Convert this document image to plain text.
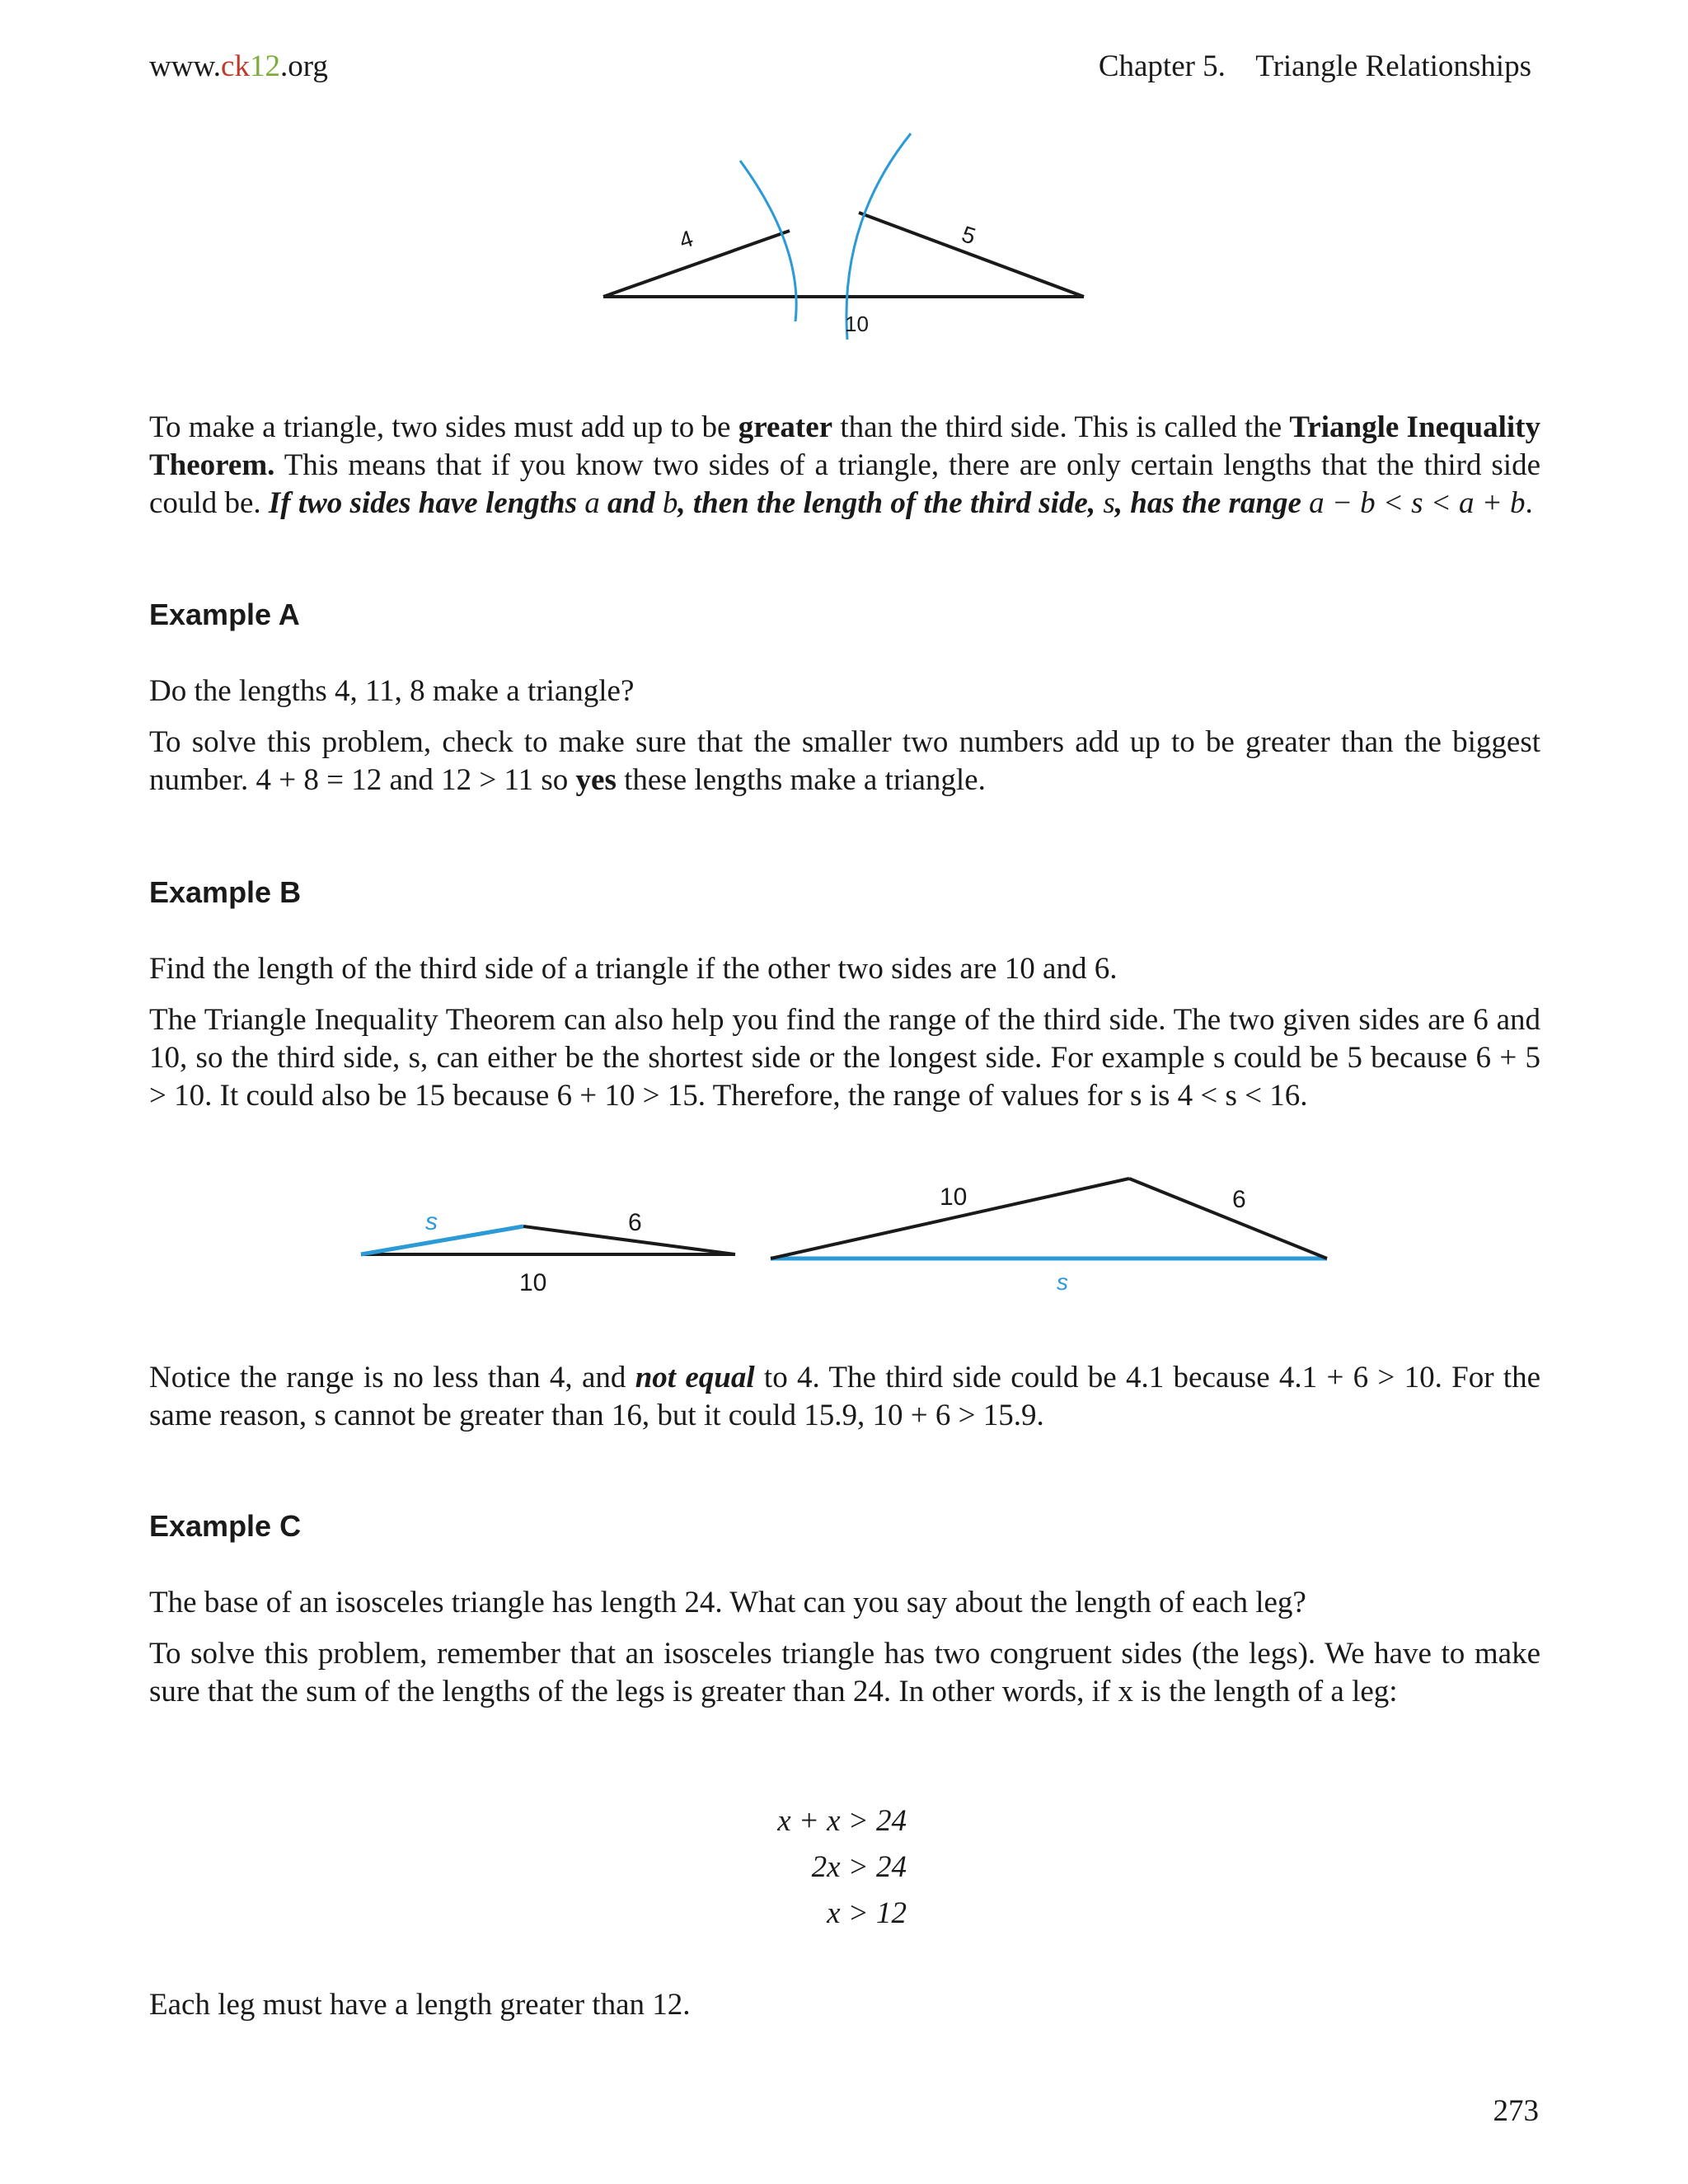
www.ck12.org	Chapter 5.    Triangle Relationships
4	5
10

To make a triangle, two sides must add up to be greater than the third side. This is called the Triangle Inequality Theorem. This means that if you know two sides of a triangle, there are only certain lengths that the third side could be. If two sides have lengths a and b, then the length of the third side, s, has the range a − b < s < a + b.

Example A

Do the lengths 4, 11, 8 make a triangle?

To solve this problem, check to make sure that the smaller two numbers add up to be greater than the biggest number. 4 + 8 = 12 and 12 > 11 so yes these lengths make a triangle.

Example B

Find the length of the third side of a triangle if the other two sides are 10 and 6.

The Triangle Inequality Theorem can also help you find the range of the third side. The two given sides are 6 and 10, so the third side, s, can either be the shortest side or the longest side. For example s could be 5 because 6 + 5 > 10. It could also be 15 because 6 + 10 > 15. Therefore, the range of values for s is 4 < s < 16.

s	6
10
10	6
s

Notice the range is no less than 4, and not equal to 4. The third side could be 4.1 because 4.1 + 6 > 10. For the same reason, s cannot be greater than 16, but it could 15.9, 10 + 6 > 15.9.

Example C

The base of an isosceles triangle has length 24. What can you say about the length of each leg?

To solve this problem, remember that an isosceles triangle has two congruent sides (the legs). We have to make sure that the sum of the lengths of the legs is greater than 24. In other words, if x is the length of a leg:

x + x > 24
2x > 24
x > 12

Each leg must have a length greater than 12.

273
